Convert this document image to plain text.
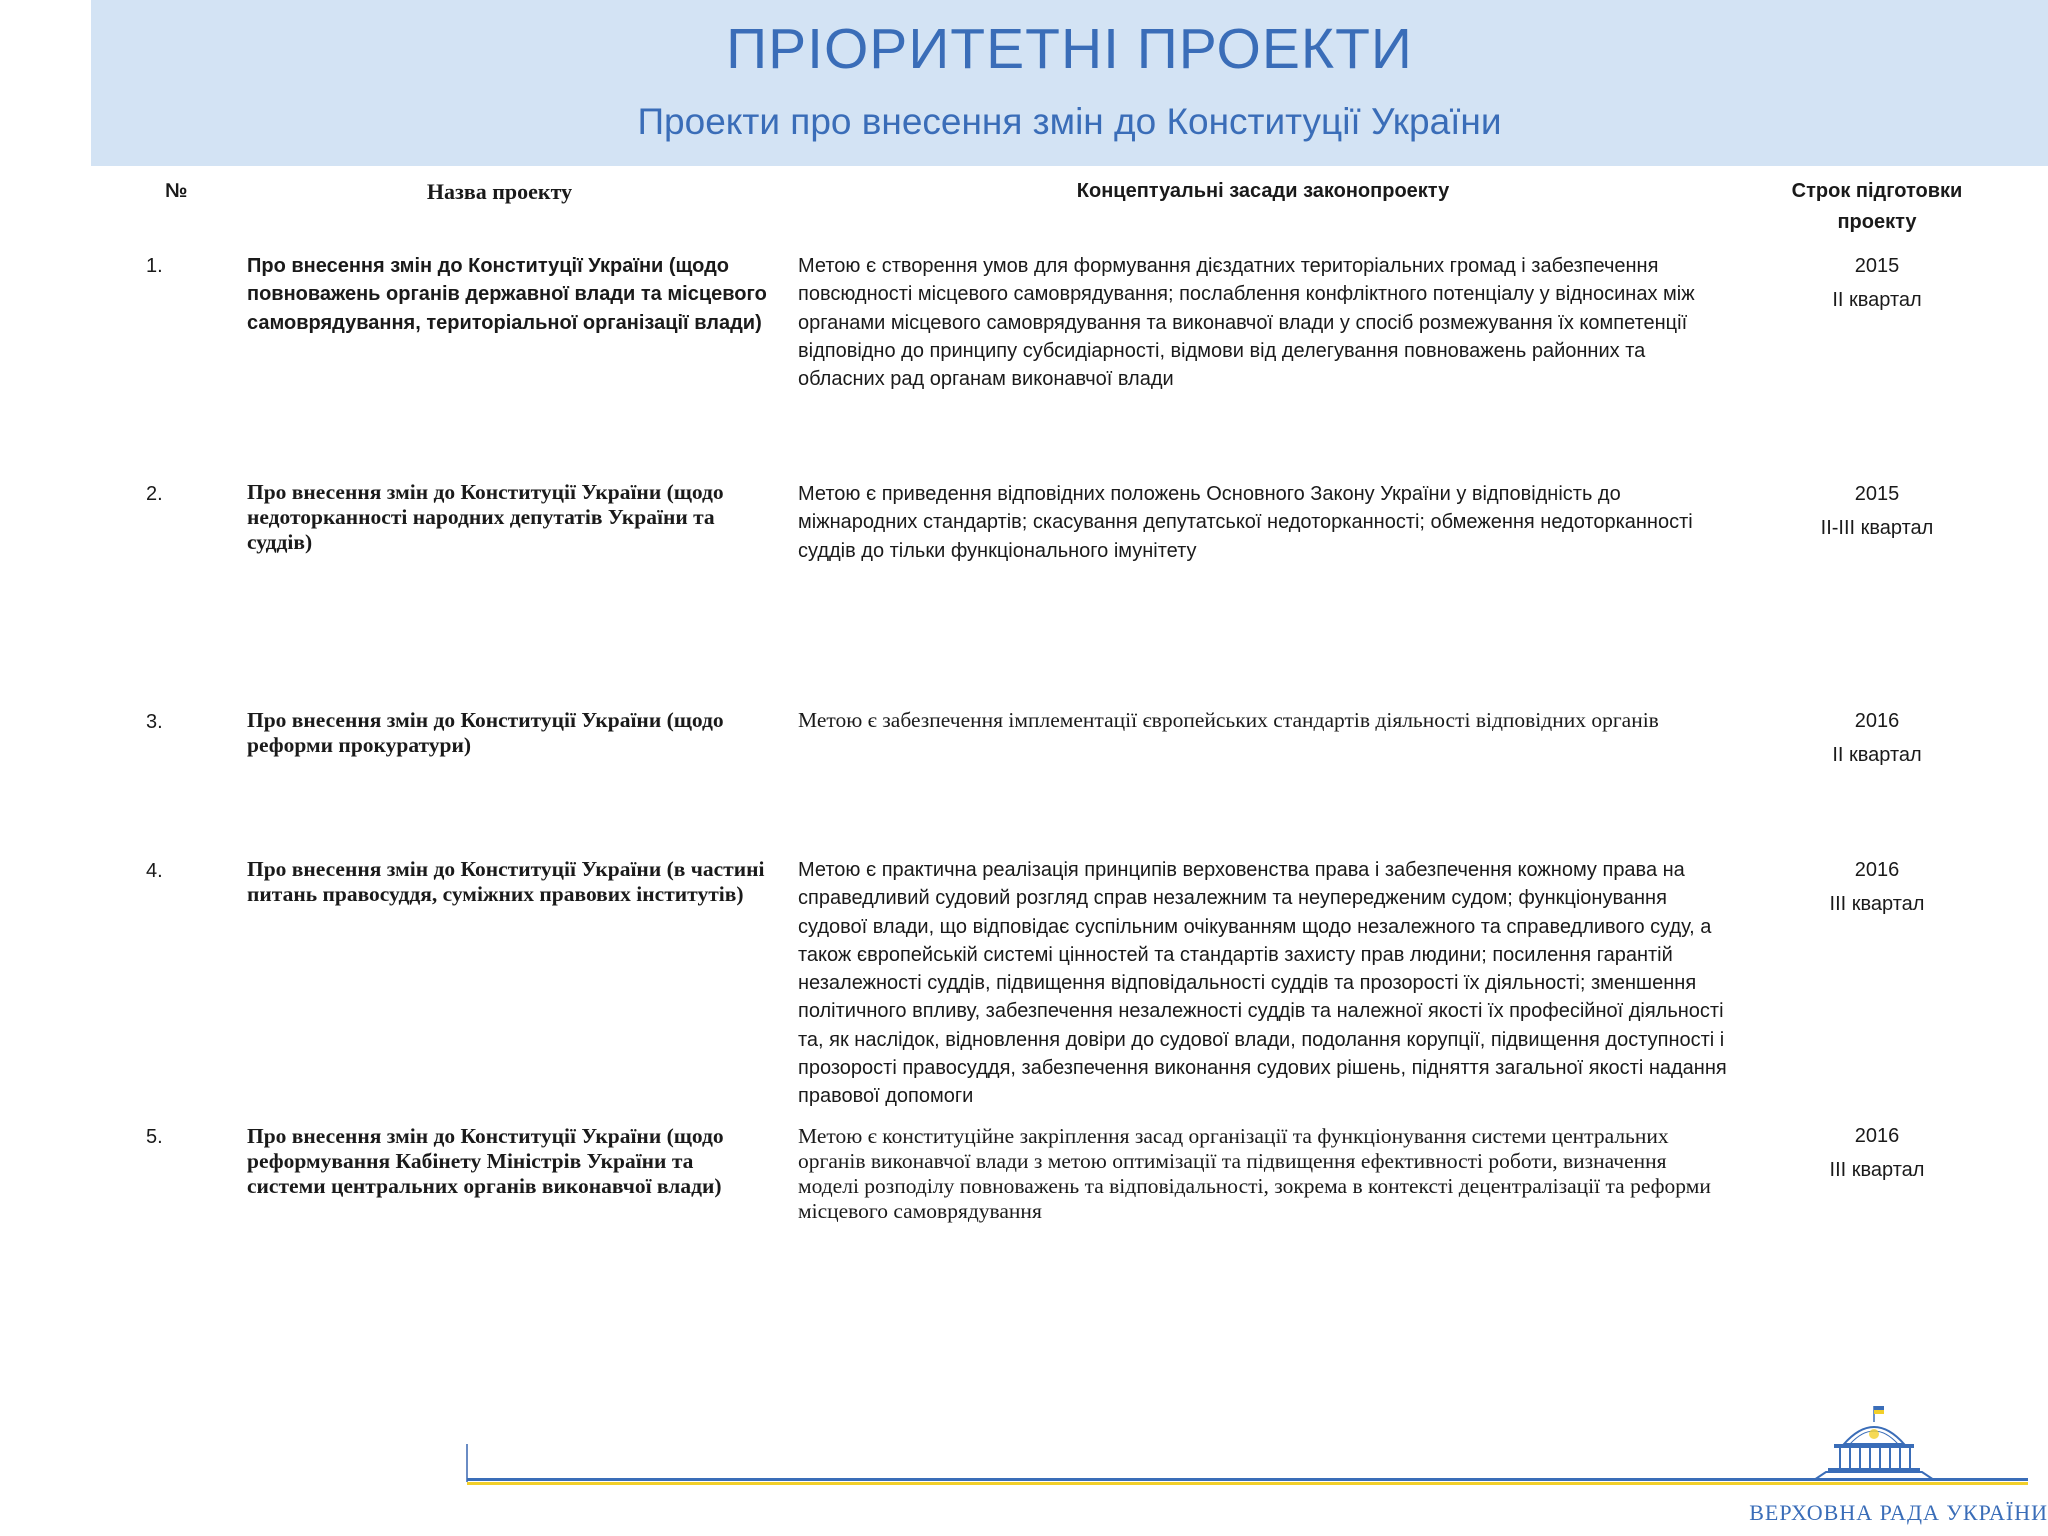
ПРІОРИТЕТНІ ПРОЕКТИ
Проекти про внесення змін до Конституції України
№	Назва проекту	Концептуальні засади законопроекту	Строк підготовки
проекту
1.	Про внесення змін до Конституції України (щодо повноважень органів державної влади та місцевого самоврядування, територіальної організації влади)
Метою є створення умов для формування дієздатних територіальних громад і забезпечення повсюдності місцевого самоврядування; послаблення конфліктного потенціалу у відносинах між органами місцевого самоврядування та виконавчої влади у спосіб розмежування їх компетенції відповідно до принципу субсидіарності, відмови від делегування повноважень районних та обласних рад органам виконавчої влади
2015
ІІ квартал
2.	Про внесення змін до Конституції України (щодо недоторканності народних депутатів України та суддів)
Метою є приведення відповідних положень Основного Закону України у відповідність до міжнародних стандартів; скасування депутатської недоторканності; обмеження недоторканності суддів до тільки функціонального імунітету
2015
ІІ-ІІІ квартал
3.	Про внесення змін до Конституції України (щодо реформи прокуратури)
Метою є забезпечення імплементації європейських стандартів діяльності відповідних органів	2016
ІІ квартал
4.	Про внесення змін до Конституції України (в частині питань правосуддя, суміжних правових інститутів)
Метою є практична реалізація принципів верховенства права і забезпечення кожному права на справедливий судовий розгляд справ незалежним та неупередженим судом; функціонування судової влади, що відповідає суспільним очікуванням щодо незалежного та справедливого суду, а також європейській системі цінностей та стандартів захисту прав людини; посилення гарантій незалежності суддів, підвищення відповідальності суддів та прозорості їх діяльності; зменшення політичного впливу, забезпечення незалежності суддів та належної якості їх професійної діяльності та, як наслідок, відновлення довіри до судової влади, подолання корупції, підвищення доступності і прозорості правосуддя, забезпечення виконання судових рішень, підняття загальної якості надання правової допомоги
2016
ІІІ квартал
5.	Про внесення змін до Конституції України (щодо реформування Кабінету Міністрів України та системи центральних органів виконавчої влади)
Метою є конституційне закріплення засад організації та функціонування системи центральних органів виконавчої влади з метою оптимізації та підвищення ефективності роботи, визначення моделі розподілу повноважень та відповідальності, зокрема в контексті децентралізації та реформи місцевого самоврядування
2016
ІІІ квартал
ВЕРХОВНА РАДА УКРАЇНИ
